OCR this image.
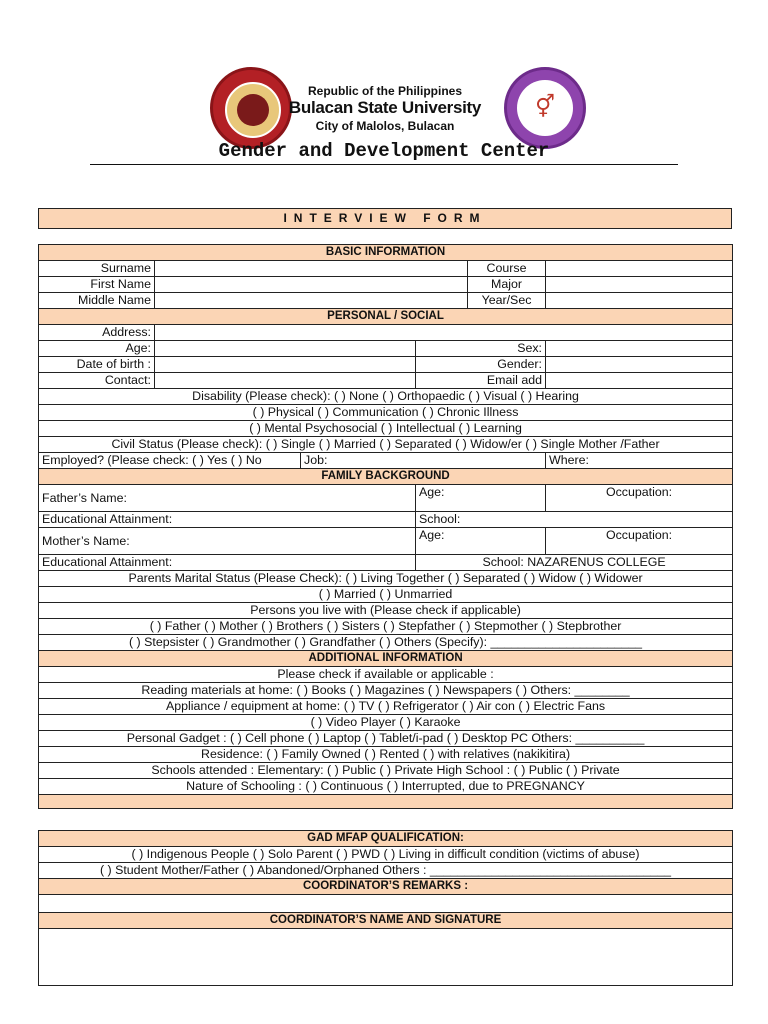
Republic of the Philippines
Bulacan State University
City of Malolos, Bulacan
⚥
Gender and Development Center
INTERVIEW FORM
BASIC INFORMATION					
Surname				Course	
First Name				Major	
Middle Name				Year/Sec	
PERSONAL / SOCIAL					
Address:					
Age:			Sex:		
Date of birth :			Gender:		
Contact:			Email add		
Disability (Please check): ( ) None ( ) Orthopaedic ( ) Visual ( ) Hearing					
( ) Physical ( ) Communication ( ) Chronic Illness					
( ) Mental Psychosocial ( ) Intellectual ( ) Learning					
Civil Status (Please check): ( ) Single ( ) Married ( ) Separated ( ) Widow/er ( ) Single Mother /Father					
Employed? (Please check: ( ) Yes ( ) No		Job:			Where:
FAMILY BACKGROUND					
Father’s Name:			Age:		Occupation:
Educational Attainment:			School:		
Mother’s Name:			Age:		Occupation:
Educational Attainment:			School: NAZARENUS COLLEGE		
Parents Marital Status (Please Check): ( ) Living Together ( ) Separated ( ) Widow ( ) Widower					
( ) Married ( ) Unmarried					
Persons you live with (Please check if applicable)					
( ) Father ( ) Mother ( ) Brothers ( ) Sisters ( ) Stepfather ( ) Stepmother ( ) Stepbrother					
( ) Stepsister ( ) Grandmother ( ) Grandfather ( ) Others (Specify): ______________________					
ADDITIONAL INFORMATION					
Please check if available or applicable :					
Reading materials at home: ( ) Books ( ) Magazines ( ) Newspapers ( ) Others: ________					
Appliance / equipment at home: ( ) TV ( ) Refrigerator ( ) Air con ( ) Electric Fans					
( ) Video Player ( ) Karaoke					
Personal Gadget : ( ) Cell phone ( ) Laptop ( ) Tablet/i-pad ( ) Desktop PC Others: __________					
Residence: ( ) Family Owned ( ) Rented ( ) with relatives (nakikitira)					
Schools attended : Elementary: ( ) Public ( ) Private High School : ( ) Public ( ) Private					
Nature of Schooling : ( ) Continuous ( ) Interrupted, due to PREGNANCY					

GAD MFAP QUALIFICATION:
( ) Indigenous People ( ) Solo Parent ( ) PWD ( ) Living in difficult condition (victims of abuse)
( ) Student Mother/Father ( ) Abandoned/Orphaned Others : ___________________________________
COORDINATOR’S REMARKS :

COORDINATOR’S NAME AND SIGNATURE
